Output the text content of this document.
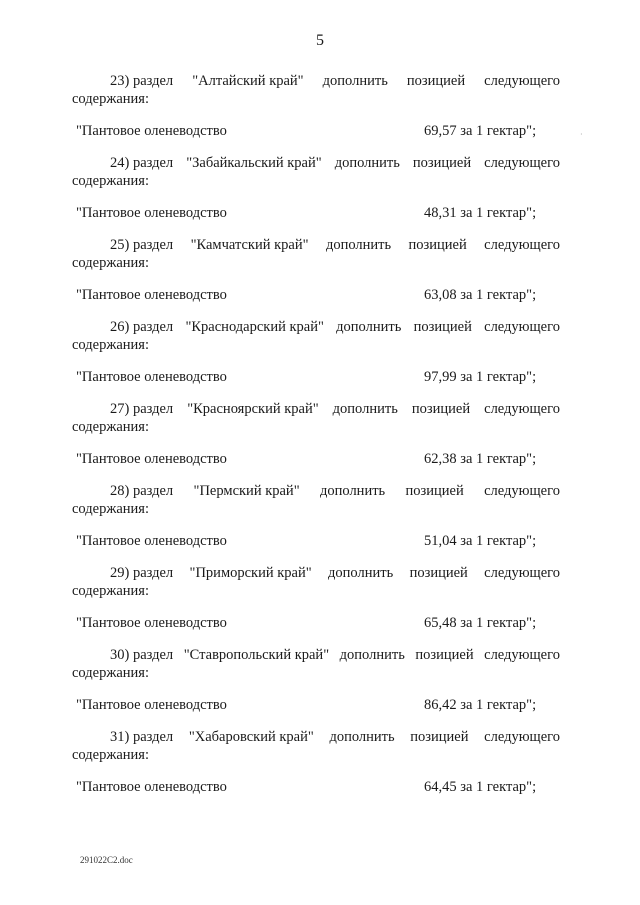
5
23) раздел "Алтайский край" дополнить позицией следующего
содержания:
"Пантовое оленеводство	69,57 за 1 гектар";
24) раздел "Забайкальский край" дополнить позицией следующего
содержания:
"Пантовое оленеводство	48,31 за 1 гектар";
25) раздел "Камчатский край" дополнить позицией следующего
содержания:
"Пантовое оленеводство	63,08 за 1 гектар";
26) раздел "Краснодарский край" дополнить позицией следующего
содержания:
"Пантовое оленеводство	97,99 за 1 гектар";
27) раздел "Красноярский край" дополнить позицией следующего
содержания:
"Пантовое оленеводство	62,38 за 1 гектар";
28) раздел "Пермский край" дополнить позицией следующего
содержания:
"Пантовое оленеводство	51,04 за 1 гектар";
29) раздел "Приморский край" дополнить позицией следующего
содержания:
"Пантовое оленеводство	65,48 за 1 гектар";
30) раздел "Ставропольский край" дополнить позицией следующего
содержания:
"Пантовое оленеводство	86,42 за 1 гектар";
31) раздел "Хабаровский край" дополнить позицией следующего
содержания:
"Пантовое оленеводство	64,45 за 1 гектар";
·
291022C2.doc
